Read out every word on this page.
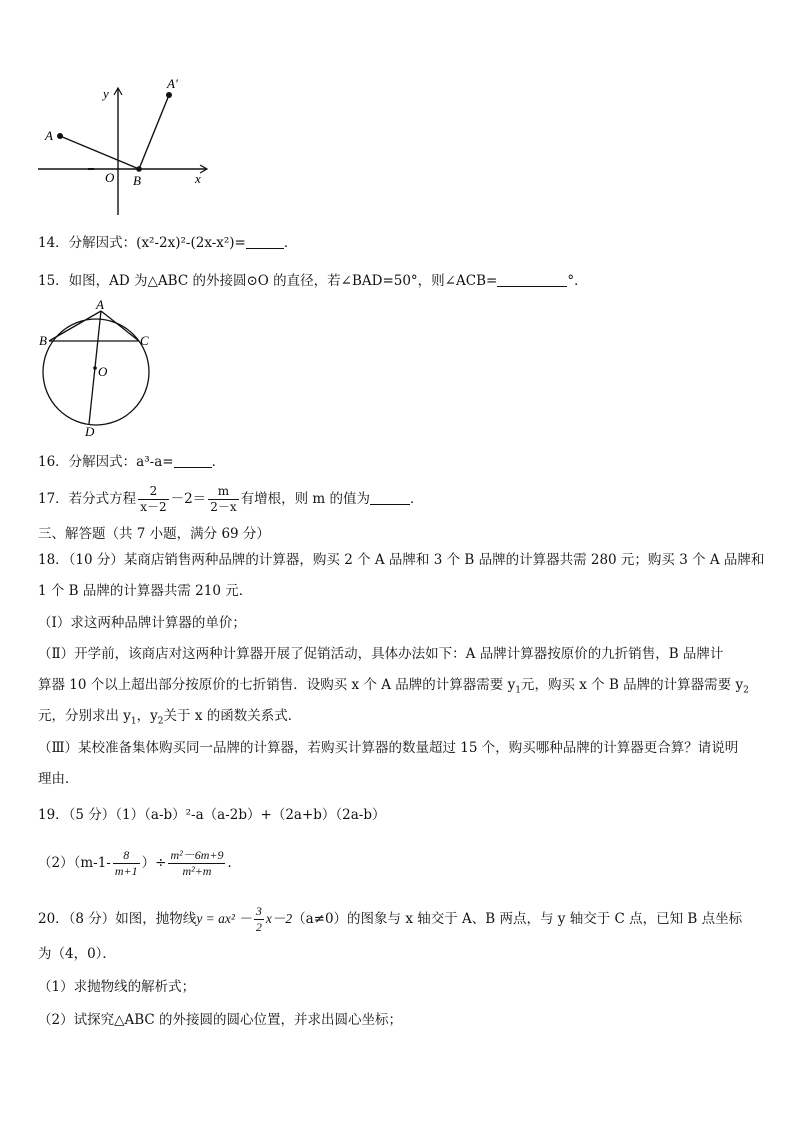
y
x
A
A′
O B
14．分解因式：(x²-2x)²-(2x-x²)=	．
15．如图，AD 为△ABC 的外接圆⊙O 的直径，若∠BAD=50°，则∠ACB=	°．
A
B	C
O
D
16．分解因式：a³-a=	．
17．若分式方程 $\frac{2}{x-2} -2= \frac{m}{2-x}$ 有增根，则 m 的值为	．
三、解答题（共 7 小题，满分 69 分）
18．（10 分）某商店销售两种品牌的计算器，购买 2 个 A 品牌和 3 个 B 品牌的计算器共需 280 元；购买 3 个 A 品牌和
1 个 B 品牌的计算器共需 210 元．
（Ⅰ）求这两种品牌计算器的单价；
（Ⅱ）开学前，该商店对这两种计算器开展了促销活动，具体办法如下：A 品牌计算器按原价的九折销售，B 品牌计
算器 10 个以上超出部分按原价的七折销售．设购买 x 个 A 品牌的计算器需要 $y_1$元，购买 x 个 B 品牌的计算器需要 $y_2$
元，分别求出 $y_1$，$y_2$关于 x 的函数关系式．
（Ⅲ）某校准备集体购买同一品牌的计算器，若购买计算器的数量超过 15 个，购买哪种品牌的计算器更合算？请说明
理由．
19．（5 分）（1）（a-b）²-a（a-2b）+（2a+b）（2a-b）
$(2)(m-1- \frac{8}{m+1}$ ）÷ $\frac{\text{m²－6m+9}}{\text{m²+m}}$ ．
20．（8 分）如图，抛物线$y = ax^2 - \frac{3}{2} x-2(a\ne 0)$的图象与 x 轴交于 A、B 两点，与 y 轴交于 C 点，已知 B 点坐标
为（4，0）．
（1）求抛物线的解析式；
（2）试探究△ABC 的外接圆的圆心位置，并求出圆心坐标；
